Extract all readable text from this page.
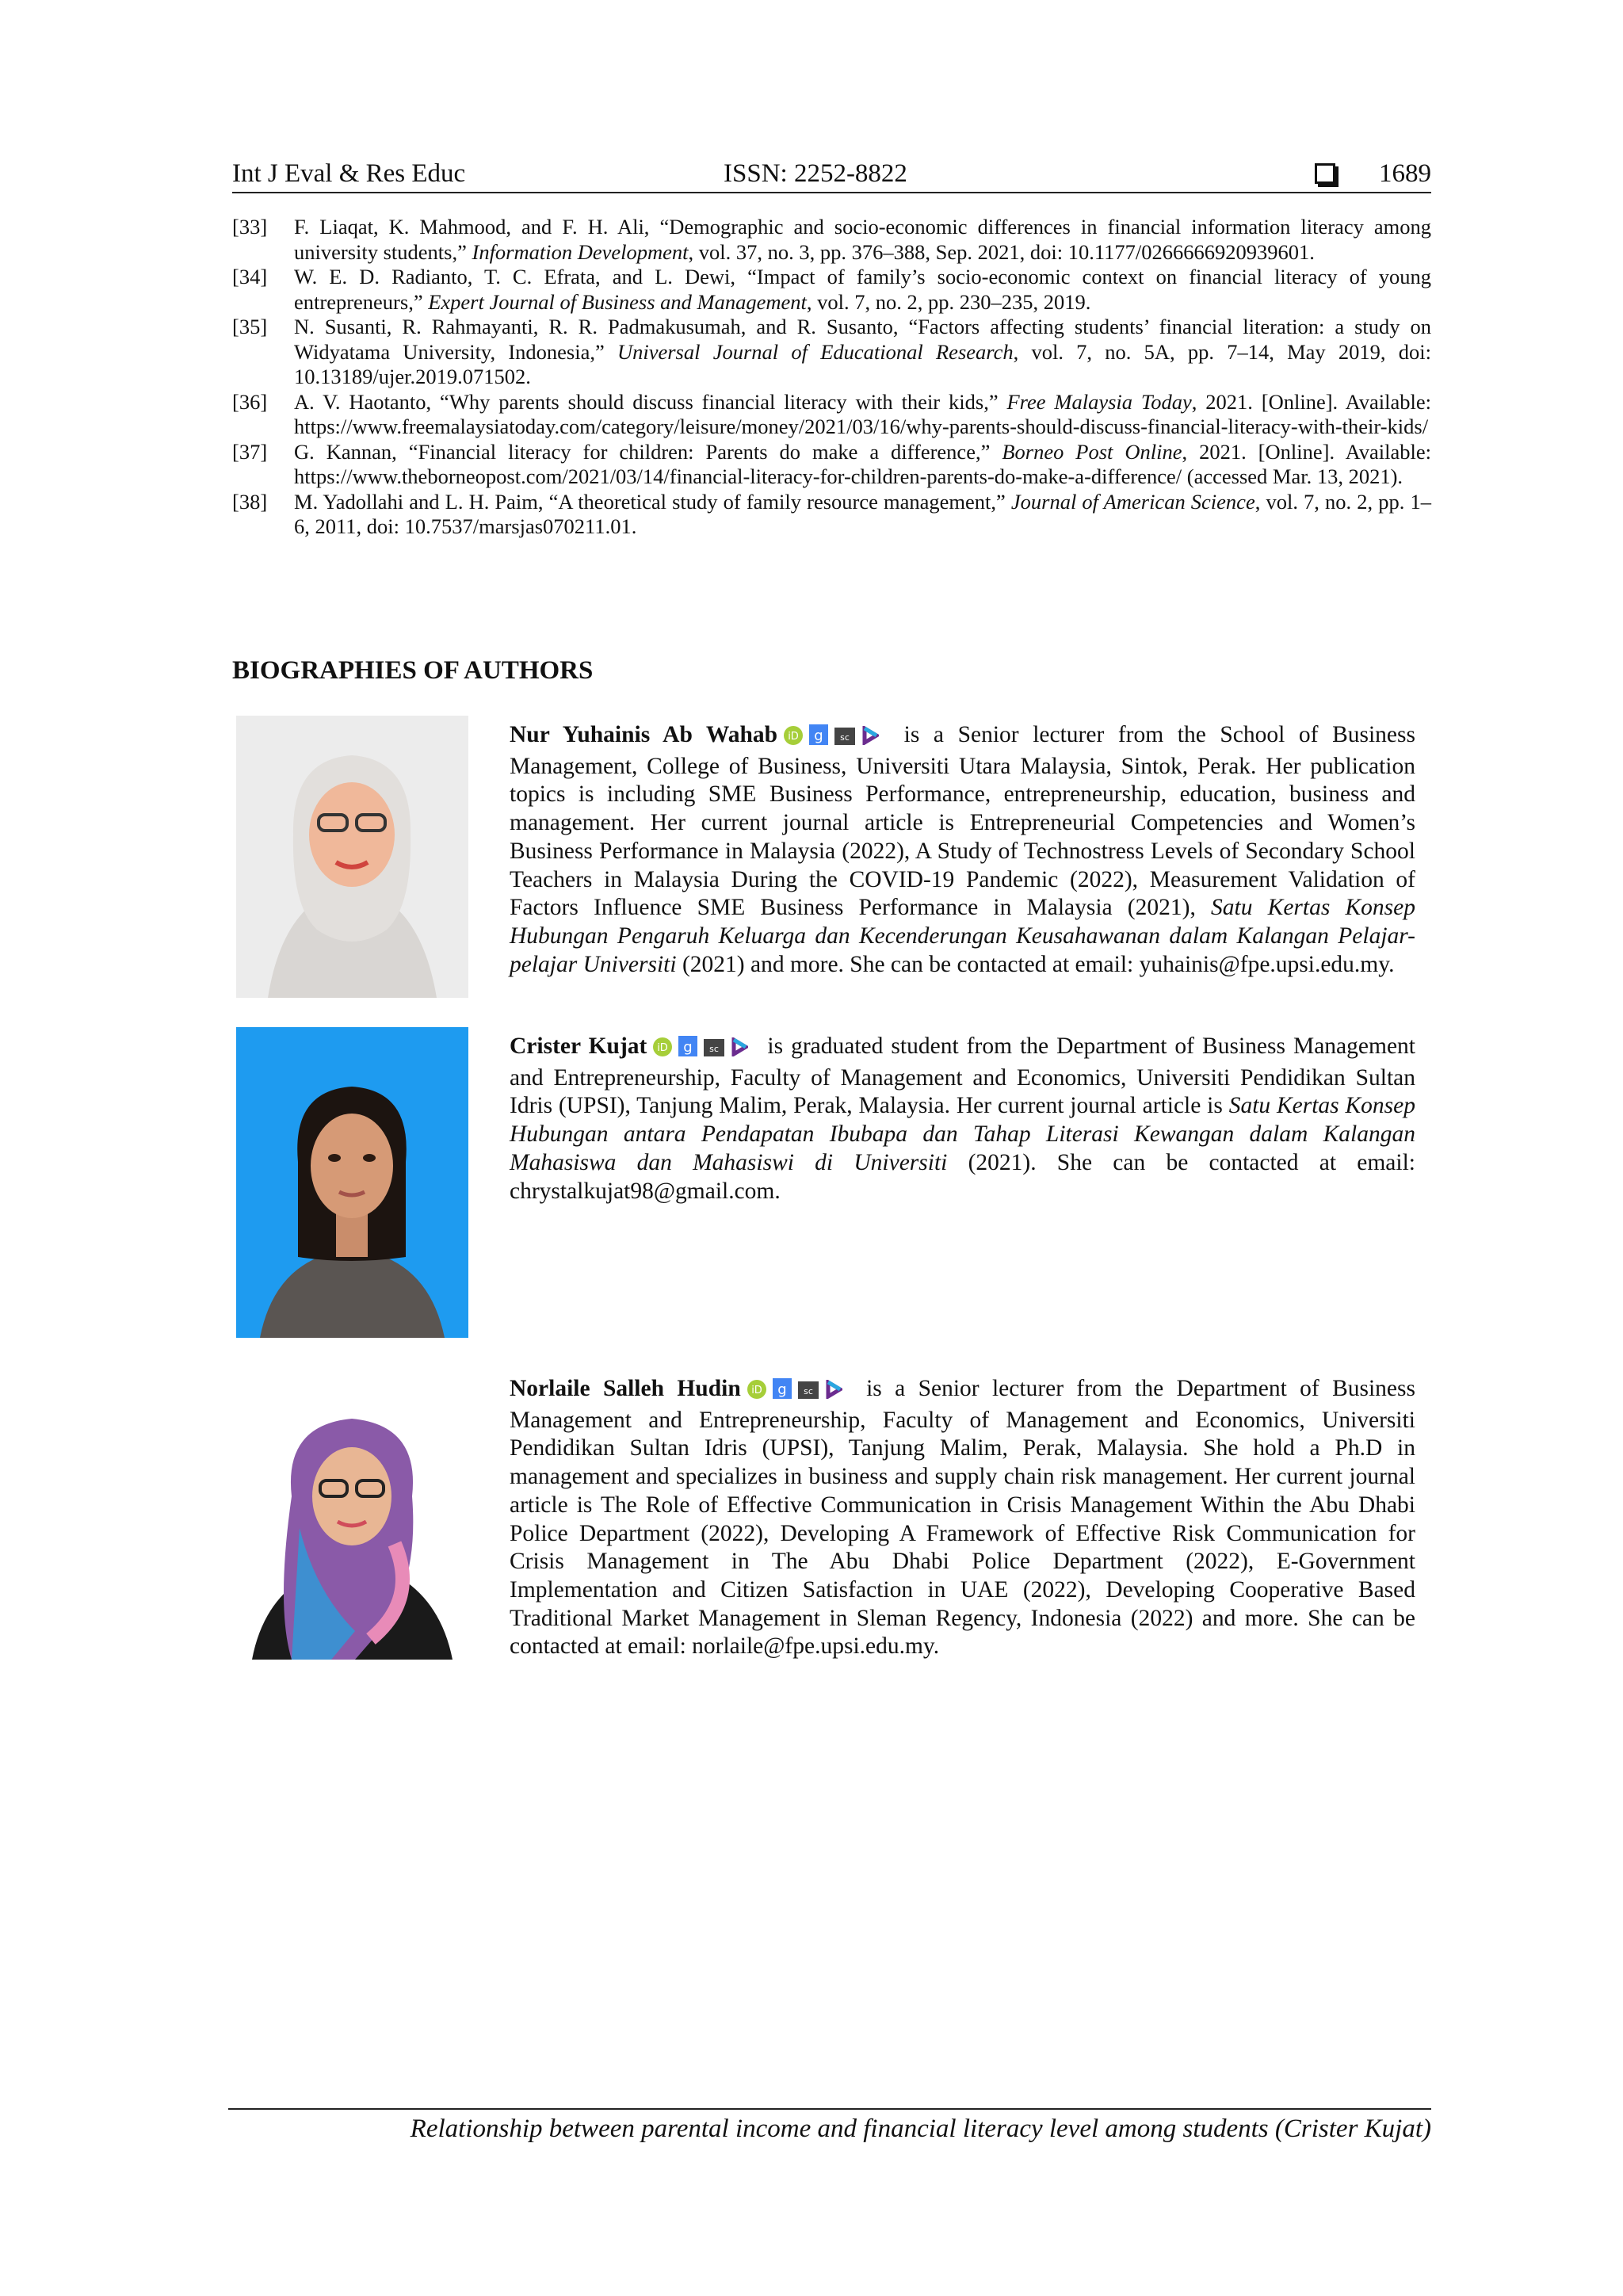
Int J Eval & Res Educ	ISSN: 2252-8822	1689
[33]	F. Liaqat, K. Mahmood, and F. H. Ali, “Demographic and socio-economic differences in financial information literacy among university students,” Information Development, vol. 37, no. 3, pp. 376–388, Sep. 2021, doi: 10.1177/0266666920939601.
[34]	W. E. D. Radianto, T. C. Efrata, and L. Dewi, “Impact of family’s socio-economic context on financial literacy of young entrepreneurs,” Expert Journal of Business and Management, vol. 7, no. 2, pp. 230–235, 2019.
[35]	N. Susanti, R. Rahmayanti, R. R. Padmakusumah, and R. Susanto, “Factors affecting students’ financial literation: a study on Widyatama University, Indonesia,” Universal Journal of Educational Research, vol. 7, no. 5A, pp. 7–14, May 2019, doi: 10.13189/ujer.2019.071502.
[36]	A. V. Haotanto, “Why parents should discuss financial literacy with their kids,” Free Malaysia Today, 2021. [Online]. Available: https://www.freemalaysiatoday.com/category/leisure/money/2021/03/16/why-parents-should-discuss-financial-literacy-with-their-kids/
[37]	G. Kannan, “Financial literacy for children: Parents do make a difference,” Borneo Post Online, 2021. [Online]. Available: https://www.theborneopost.com/2021/03/14/financial-literacy-for-children-parents-do-make-a-difference/ (accessed Mar. 13, 2021).
[38]	M. Yadollahi and L. H. Paim, “A theoretical study of family resource management,” Journal of American Science, vol. 7, no. 2, pp. 1–6, 2011, doi: 10.7537/marsjas070211.01.
BIOGRAPHIES OF AUTHORS
Nur Yuhainis Ab Wahab iD g sc is a Senior lecturer from the School of Business Management, College of Business, Universiti Utara Malaysia, Sintok, Perak. Her publication topics is including SME Business Performance, entrepreneurship, education, business and management. Her current journal article is Entrepreneurial Competencies and Women’s Business Performance in Malaysia (2022), A Study of Technostress Levels of Secondary School Teachers in Malaysia During the COVID-19 Pandemic (2022), Measurement Validation of Factors Influence SME Business Performance in Malaysia (2021), Satu Kertas Konsep Hubungan Pengaruh Keluarga dan Kecenderungan Keusahawanan dalam Kalangan Pelajar-pelajar Universiti (2021) and more. She can be contacted at email: yuhainis@fpe.upsi.edu.my.
Crister Kujat iD g sc is graduated student from the Department of Business Management and Entrepreneurship, Faculty of Management and Economics, Universiti Pendidikan Sultan Idris (UPSI), Tanjung Malim, Perak, Malaysia. Her current journal article is Satu Kertas Konsep Hubungan antara Pendapatan Ibubapa dan Tahap Literasi Kewangan dalam Kalangan Mahasiswa dan Mahasiswi di Universiti (2021). She can be contacted at email: chrystalkujat98@gmail.com.
Norlaile Salleh Hudin iD g sc is a Senior lecturer from the Department of Business Management and Entrepreneurship, Faculty of Management and Economics, Universiti Pendidikan Sultan Idris (UPSI), Tanjung Malim, Perak, Malaysia. She hold a Ph.D in management and specializes in business and supply chain risk management. Her current journal article is The Role of Effective Communication in Crisis Management Within the Abu Dhabi Police Department (2022), Developing A Framework of Effective Risk Communication for Crisis Management in The Abu Dhabi Police Department (2022), E-Government Implementation and Citizen Satisfaction in UAE (2022), Developing Cooperative Based Traditional Market Management in Sleman Regency, Indonesia (2022) and more. She can be contacted at email: norlaile@fpe.upsi.edu.my.
Relationship between parental income and financial literacy level among students (Crister Kujat)
